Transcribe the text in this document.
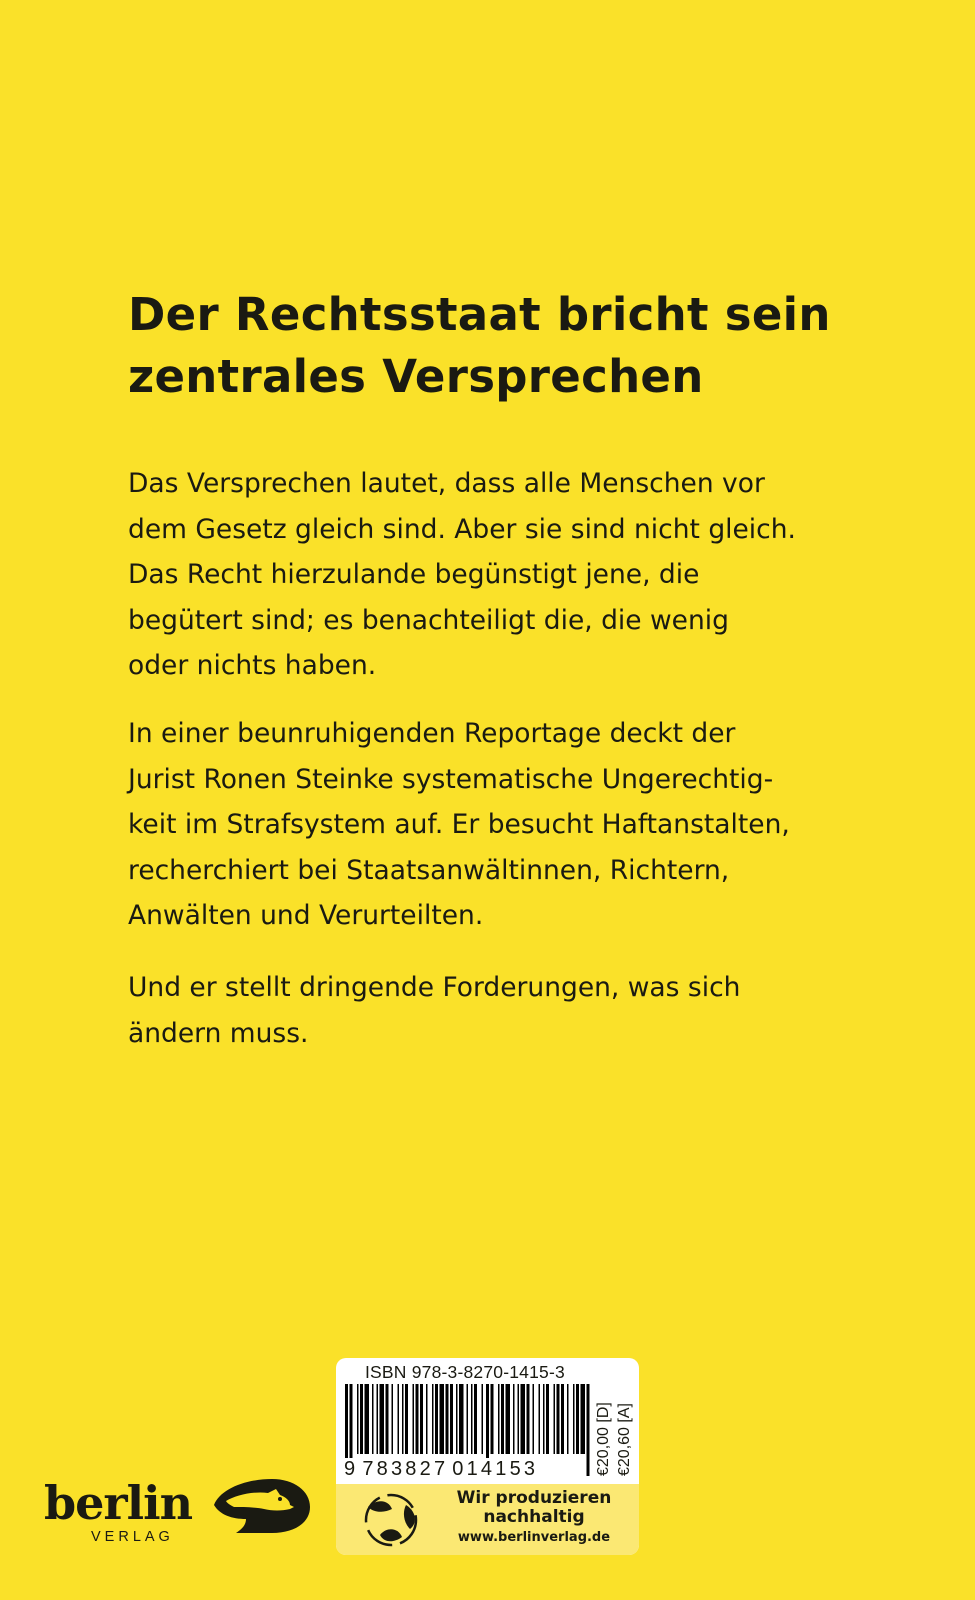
Der Rechtsstaat bricht sein
zentrales Versprechen

Das Versprechen lautet, dass alle Menschen vor
dem Gesetz gleich sind. Aber sie sind nicht gleich.
Das Recht hierzulande begünstigt jene, die
begütert sind; es benachteiligt die, die wenig
oder nichts haben.

In einer beunruhigenden Reportage deckt der
Jurist Ronen Steinke systematische Ungerechtig-
keit im Strafsystem auf. Er besucht Haftanstalten,
recherchiert bei Staatsanwältinnen, Richtern,
Anwälten und Verurteilten.

Und er stellt dringende Forderungen, was sich
ändern muss.

berlin
VERLAG
ISBN 978-3-8270-1415-3
9 783827 014153	€20,00 [D] €20,60 [A]
Wir produzieren
nachhaltig
www.berlinverlag.de
